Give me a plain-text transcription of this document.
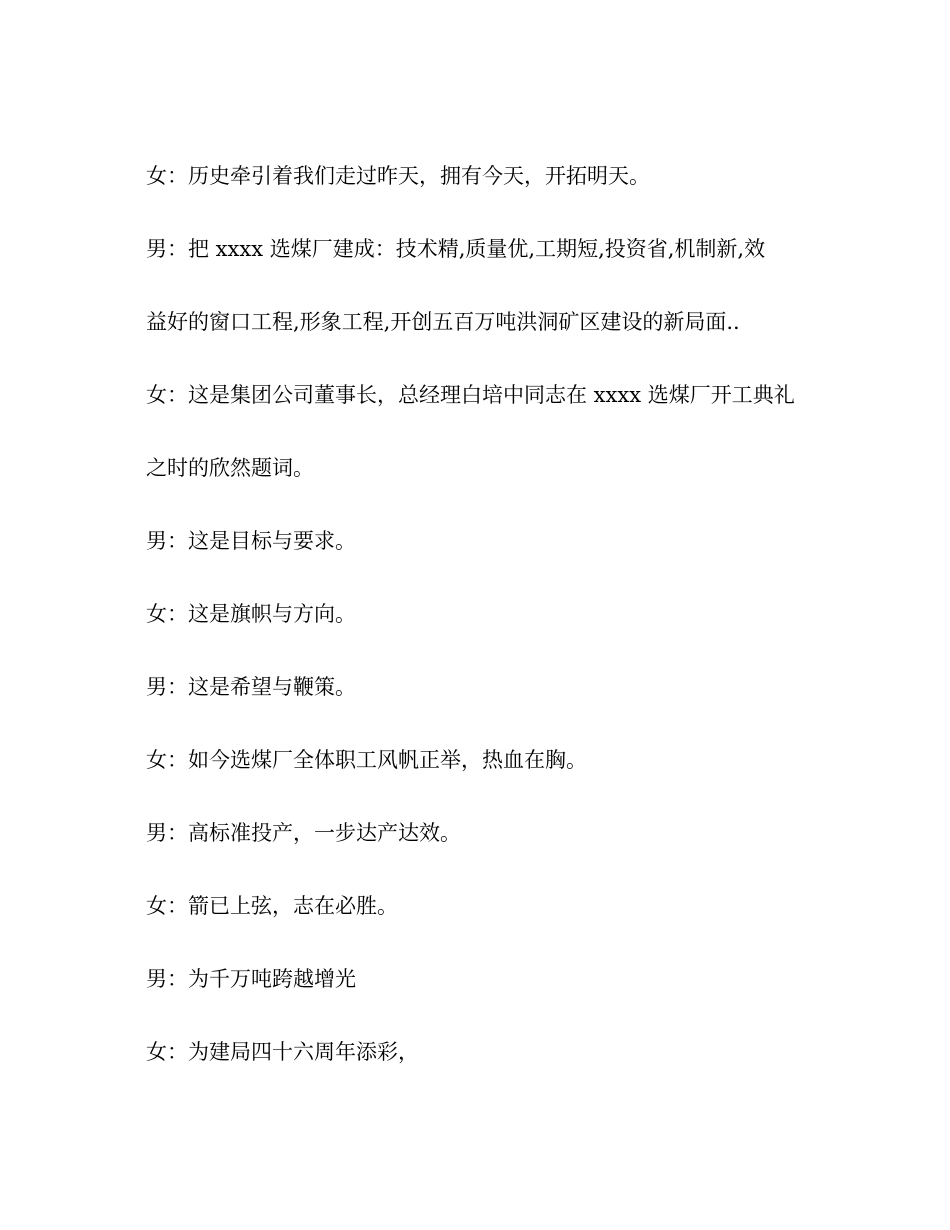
女：历史牵引着我们走过昨天，拥有今天，开拓明天。
男：把 xxxx 选煤厂建成：技术精,质量优,工期短,投资省,机制新,效
益好的窗口工程,形象工程,开创五百万吨洪洞矿区建设的新局面..
女：这是集团公司董事长，总经理白培中同志在 xxxx 选煤厂开工典礼
之时的欣然题词。
男：这是目标与要求。
女：这是旗帜与方向。
男：这是希望与鞭策。
女：如今选煤厂全体职工风帆正举，热血在胸。
男：高标准投产，一步达产达效。
女：箭已上弦，志在必胜。
男：为千万吨跨越增光
女：为建局四十六周年添彩，
